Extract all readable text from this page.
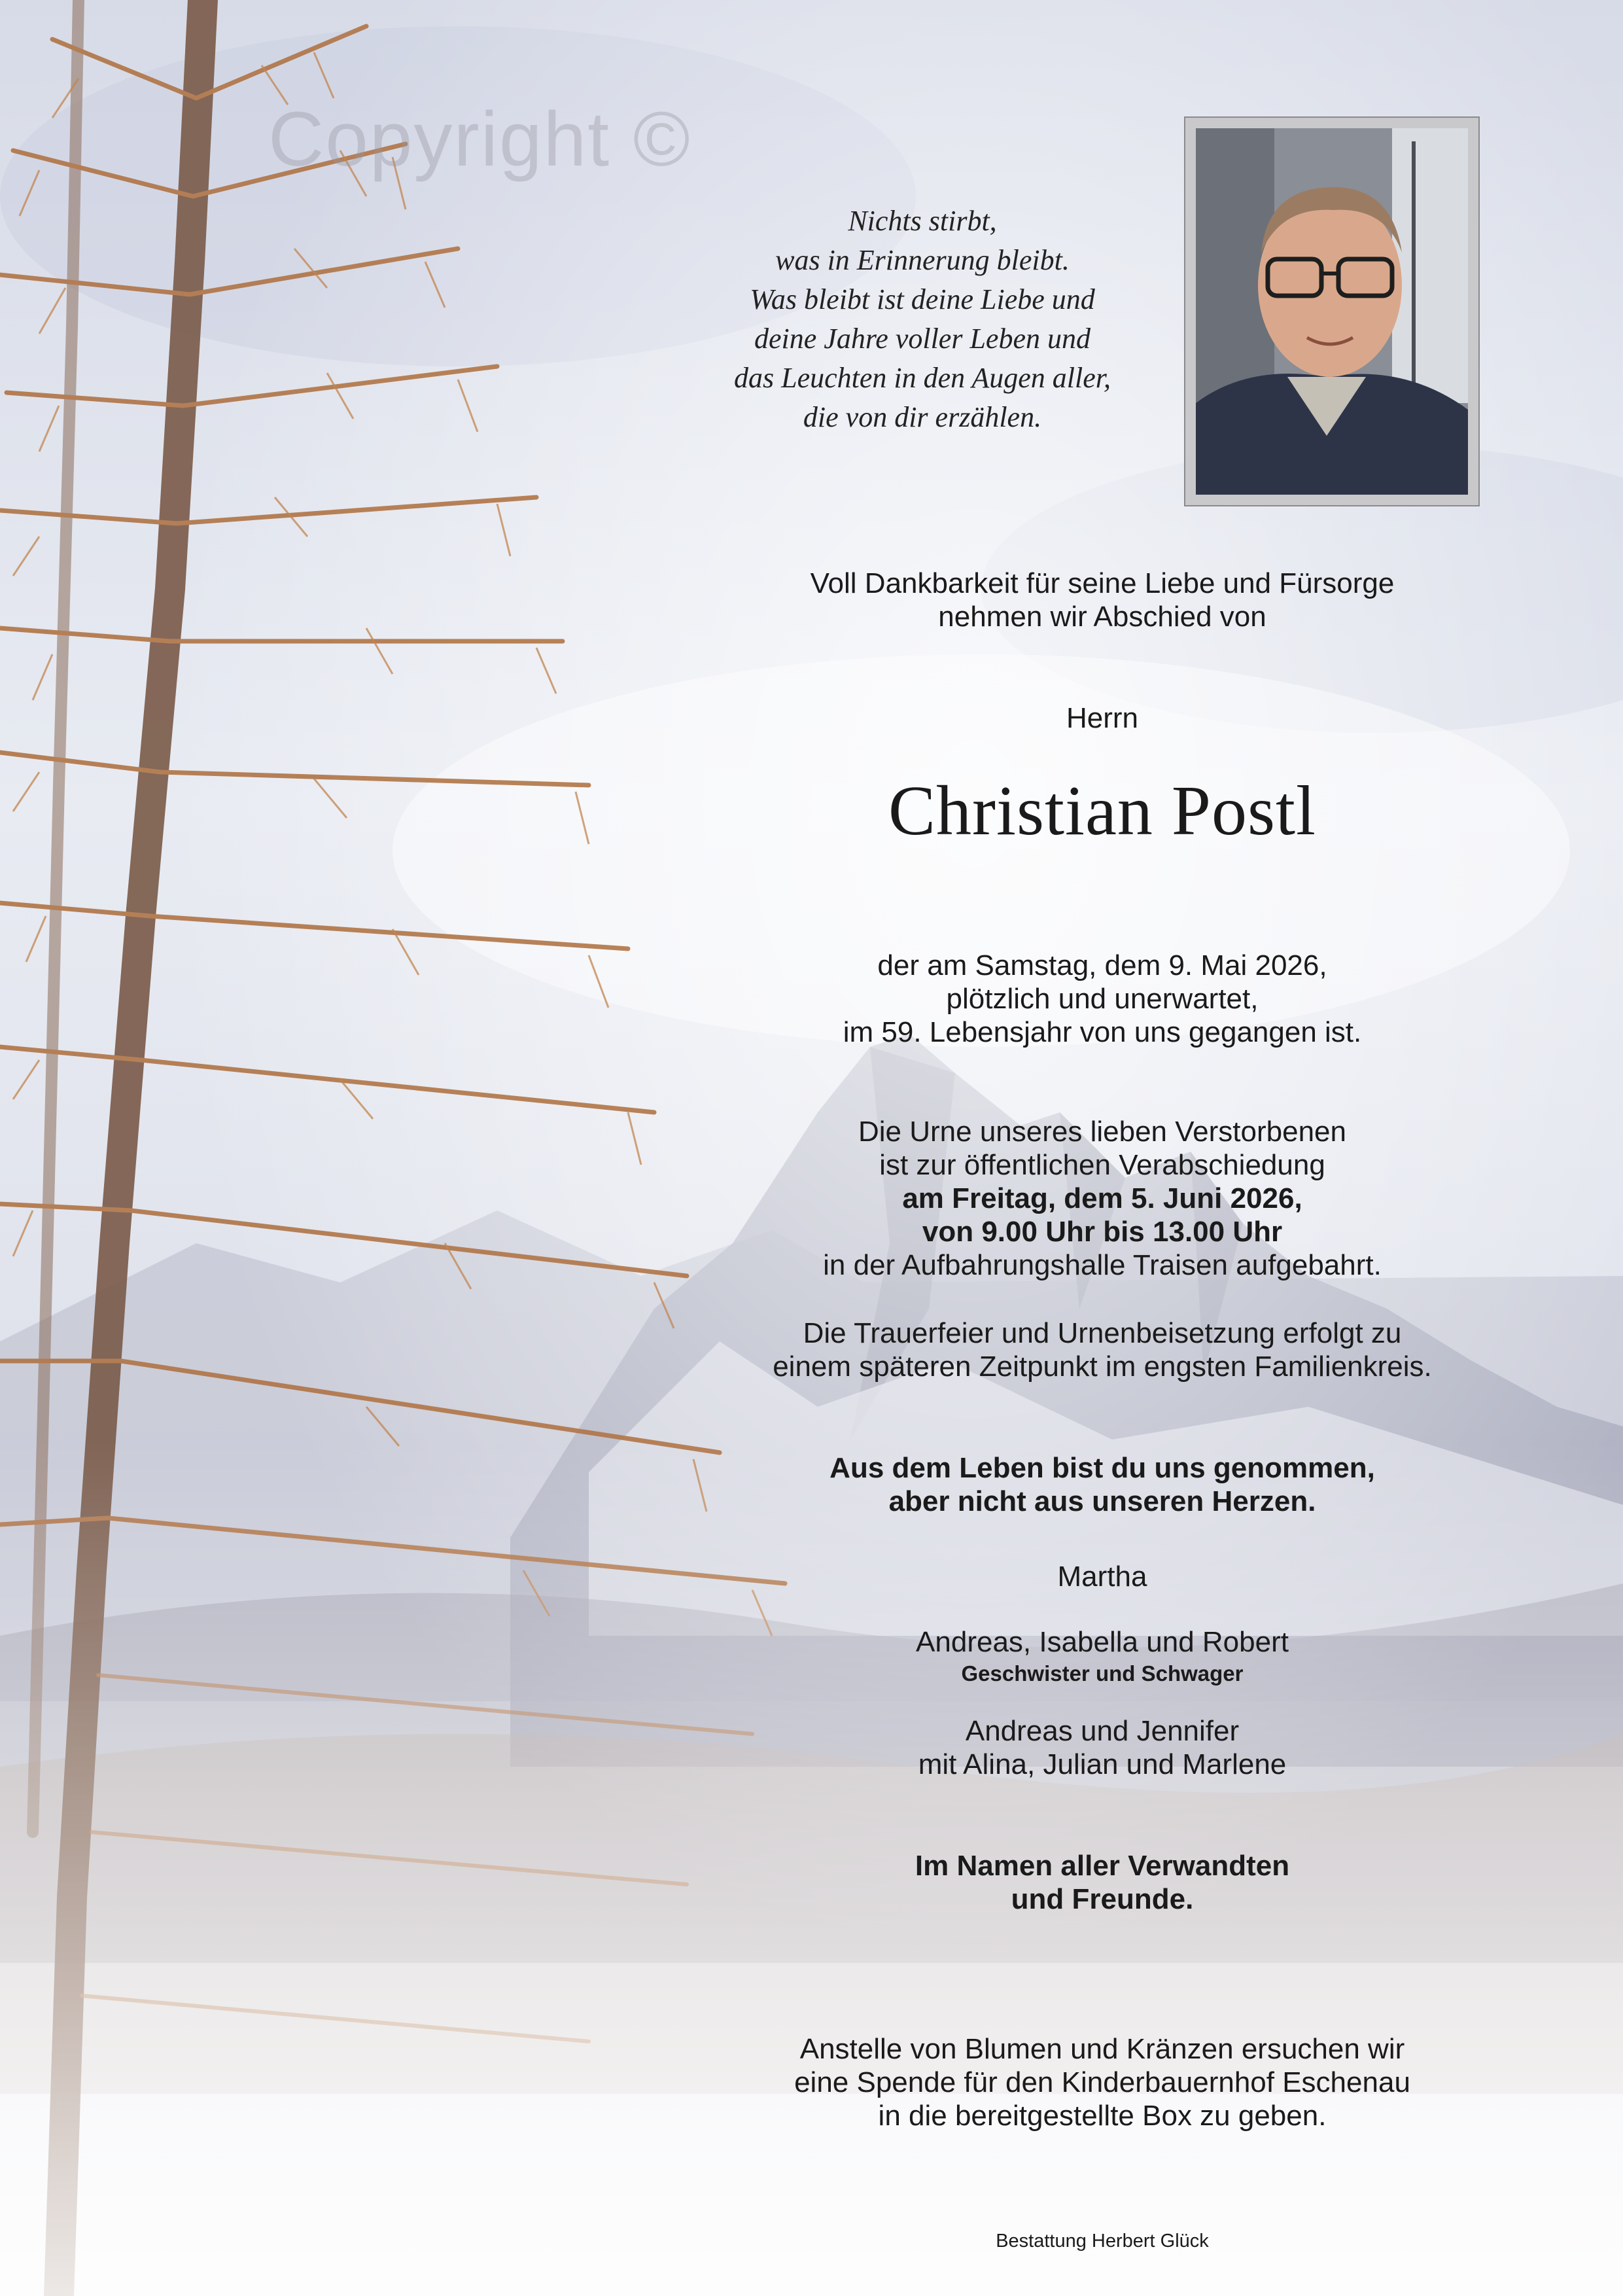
Copyright ©
Nichts stirbt,
was in Erinnerung bleibt.
Was bleibt ist deine Liebe und
deine Jahre voller Leben und
das Leuchten in den Augen aller,
die von dir erzählen.
Voll Dankbarkeit für seine Liebe und Fürsorge
nehmen wir Abschied von
Herrn
Christian Postl
der am Samstag, dem 9. Mai 2026,
plötzlich und unerwartet,
im 59. Lebensjahr von uns gegangen ist.
Die Urne unseres lieben Verstorbenen
ist zur öffentlichen Verabschiedung
am Freitag, dem 5. Juni 2026,
von 9.00 Uhr bis 13.00 Uhr
in der Aufbahrungshalle Traisen aufgebahrt.
Die Trauerfeier und Urnenbeisetzung erfolgt zu
einem späteren Zeitpunkt im engsten Familienkreis.
Aus dem Leben bist du uns genommen,
aber nicht aus unseren Herzen.
Martha
Andreas, Isabella und Robert
Geschwister und Schwager
Andreas und Jennifer
mit Alina, Julian und Marlene
Im Namen aller Verwandten
und Freunde.
Anstelle von Blumen und Kränzen ersuchen wir
eine Spende für den Kinderbauernhof Eschenau
in die bereitgestellte Box zu geben.
Bestattung Herbert Glück
